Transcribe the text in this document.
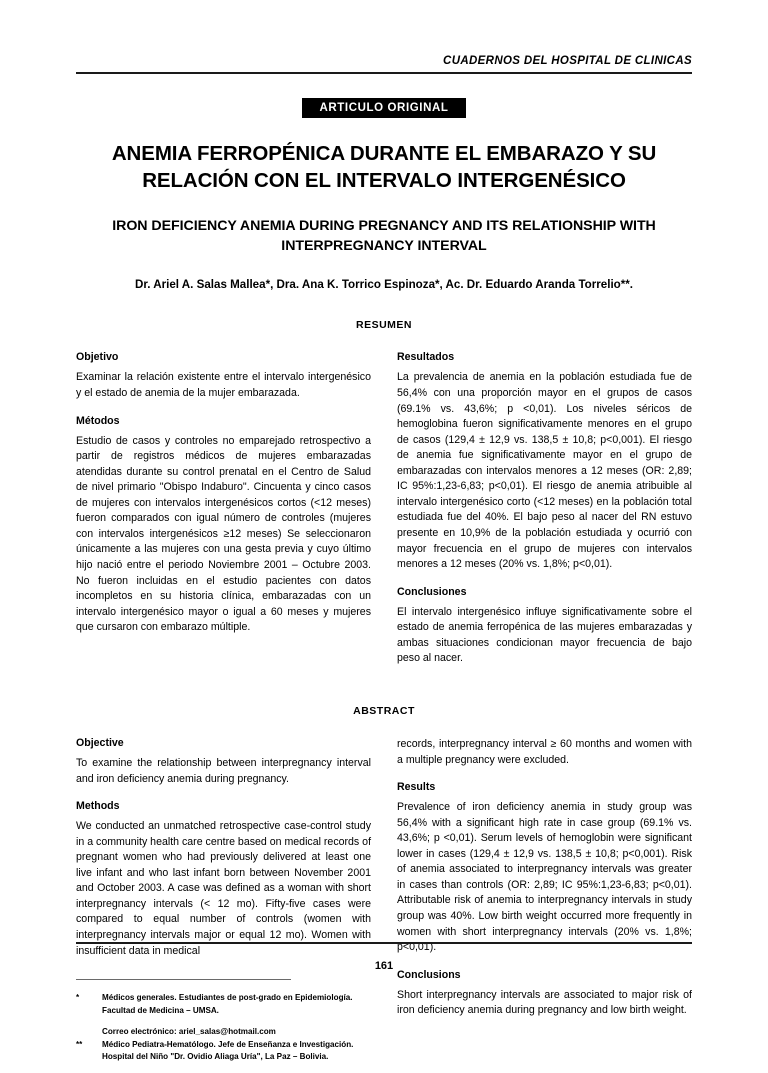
CUADERNOS DEL HOSPITAL DE CLINICAS
ARTICULO ORIGINAL
ANEMIA FERROPÉNICA DURANTE EL EMBARAZO Y SU RELACIÓN CON EL INTERVALO INTERGENÉSICO
IRON DEFICIENCY ANEMIA DURING PREGNANCY AND ITS RELATIONSHIP WITH INTERPREGNANCY INTERVAL
Dr. Ariel A. Salas Mallea*, Dra. Ana K. Torrico Espinoza*, Ac. Dr. Eduardo Aranda Torrelio**.
RESUMEN
Objetivo

Examinar la relación existente entre el intervalo intergenésico y el estado de anemia de la mujer embarazada.

Métodos

Estudio de casos y controles no emparejado retrospectivo a partir de registros médicos de mujeres embarazadas atendidas durante su control prenatal en el Centro de Salud de nivel primario "Obispo Indaburo". Cincuenta y cinco casos de mujeres con intervalos intergenésicos cortos (<12 meses) fueron comparados con igual número de controles (mujeres con intervalos intergenésicos ≥12 meses) Se seleccionaron únicamente a las mujeres con una gesta previa y cuyo último hijo nació entre el periodo Noviembre 2001 – Octubre 2003. No fueron incluidas en el estudio pacientes con datos incompletos en su historia clínica, embarazadas con un intervalo intergenésico mayor o igual a 60 meses y mujeres que cursaron con embarazo múltiple.

Resultados

La prevalencia de anemia en la población estudiada fue de 56,4% con una proporción mayor en el grupos de casos (69.1% vs. 43,6%; p <0,01). Los niveles séricos de hemoglobina fueron significativamente menores en el grupo de casos (129,4 ± 12,9 vs. 138,5 ± 10,8; p<0,001). El riesgo de anemia fue significativamente mayor en el grupo de embarazadas con intervalos menores a 12 meses (OR: 2,89; IC 95%:1,23-6,83; p<0,01). El riesgo de anemia atribuible al intervalo intergenésico corto (<12 meses) en la población total estudiada fue del 40%. El bajo peso al nacer del RN estuvo presente en 10,9% de la población estudiada y ocurrió con mayor frecuencia en el grupo de mujeres con intervalos menores a 12 meses (20% vs. 1,8%; p<0,01).

Conclusiones

El intervalo intergenésico influye significativamente sobre el estado de anemia ferropénica de las mujeres embarazadas y ambas situaciones condicionan mayor frecuencia de bajo peso al nacer.

ABSTRACT
Objective

To examine the relationship between interpregnancy interval and iron deficiency anemia during pregnancy.

Methods

We conducted an unmatched retrospective case-control study in a community health care centre based on medical records of pregnant women who had previously delivered at least one live infant and who last infant born between November 2001 and October 2003. A case was defined as a woman with short interpregnancy intervals (< 12 mo). Fifty-five cases were compared to equal number of controls (women with interpregnancy intervals major or equal 12 mo). Women with insufficient data in medical

*	Médicos generales. Estudiantes de post-grado en Epidemiología. Facultad de Medicina – UMSA.
Correo electrónico: ariel_salas@hotmail.com
**	Médico Pediatra-Hematólogo. Jefe de Enseñanza e Investigación. Hospital del Niño "Dr. Ovidio Aliaga Uría", La Paz – Bolivia.

records, interpregnancy interval ≥ 60 months and women with a multiple pregnancy were excluded.

Results

Prevalence of iron deficiency anemia in study group was 56,4% with a significant high rate in case group (69.1% vs. 43,6%; p <0,01). Serum levels of hemoglobin were significant lower in cases (129,4 ± 12,9 vs. 138,5 ± 10,8; p<0,001). Risk of anemia associated to interpregnancy intervals was greater in cases than controls (OR: 2,89; IC 95%:1,23-6,83; p<0,01). Attributable risk of anemia to interpregnancy intervals in study group was 40%. Low birth weight occurred more frequently in women with short interpregnancy intervals (20% vs. 1,8%; p<0,01).

Conclusions

Short interpregnancy intervals are associated to major risk of iron deficiency anemia during pregnancy and low birth weight.

161
